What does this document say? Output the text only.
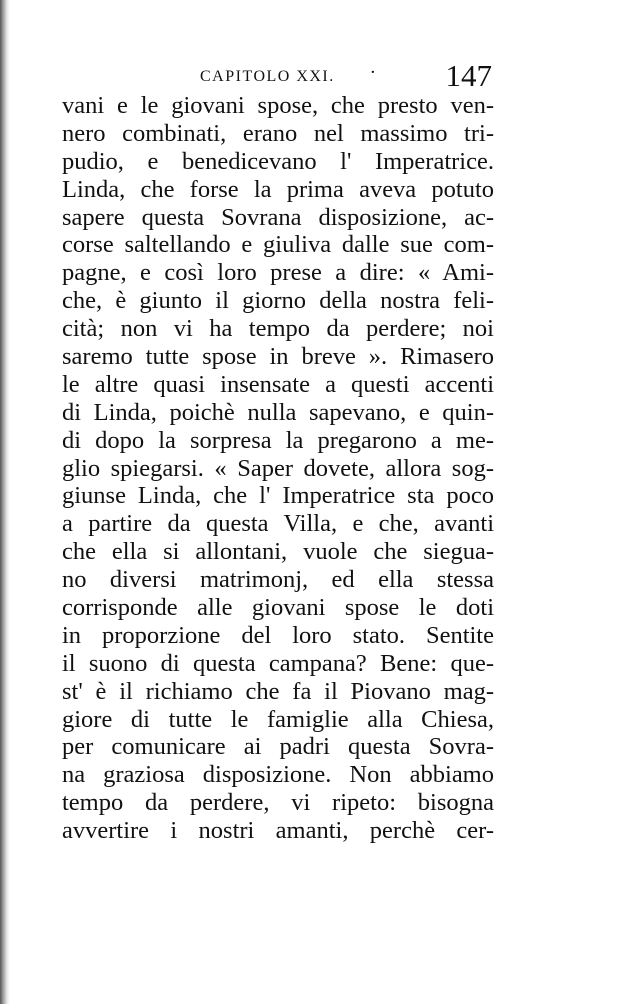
CAPITOLO XXI. · 147
vani e le giovani spose, che presto ven-
nero combinati, erano nel massimo tri-
pudio, e benedicevano l' Imperatrice.
Linda, che forse la prima aveva potuto
sapere questa Sovrana disposizione, ac-
corse saltellando e giuliva dalle sue com-
pagne, e così loro prese a dire: « Ami-
che, è giunto il giorno della nostra feli-
cità; non vi ha tempo da perdere; noi
saremo tutte spose in breve ». Rimasero
le altre quasi insensate a questi accenti
di Linda, poichè nulla sapevano, e quin-
di dopo la sorpresa la pregarono a me-
glio spiegarsi. « Saper dovete, allora sog-
giunse Linda, che l' Imperatrice sta poco
a partire da questa Villa, e che, avanti
che ella si allontani, vuole che siegua-
no diversi matrimonj, ed ella stessa
corrisponde alle giovani spose le doti
in proporzione del loro stato. Sentite
il suono di questa campana? Bene: que-
st' è il richiamo che fa il Piovano mag-
giore di tutte le famiglie alla Chiesa,
per comunicare ai padri questa Sovra-
na graziosa disposizione. Non abbiamo
tempo da perdere, vi ripeto: bisogna
avvertire i nostri amanti, perchè cer-
